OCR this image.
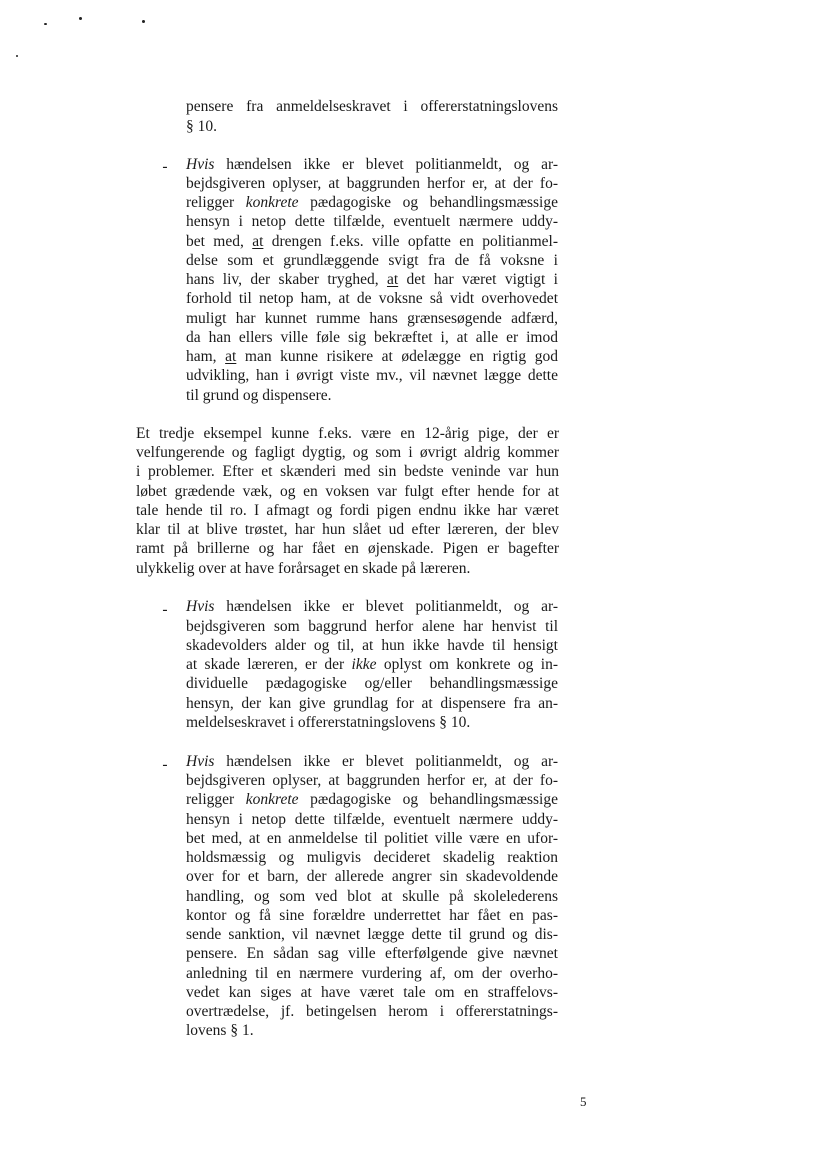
pensere fra anmeldelseskravet i offererstatningslovens
§ 10.
- Hvis hændelsen ikke er blevet politianmeldt, og ar-
bejdsgiveren oplyser, at baggrunden herfor er, at der fo-
religger konkrete pædagogiske og behandlingsmæssige
hensyn i netop dette tilfælde, eventuelt nærmere uddy-
bet med, at drengen f.eks. ville opfatte en politianmel-
delse som et grundlæggende svigt fra de få voksne i
hans liv, der skaber tryghed, at det har været vigtigt i
forhold til netop ham, at de voksne så vidt overhovedet
muligt har kunnet rumme hans grænsesøgende adfærd,
da han ellers ville føle sig bekræftet i, at alle er imod
ham, at man kunne risikere at ødelægge en rigtig god
udvikling, han i øvrigt viste mv., vil nævnet lægge dette
til grund og dispensere.
Et tredje eksempel kunne f.eks. være en 12-årig pige, der er
velfungerende og fagligt dygtig, og som i øvrigt aldrig kommer
i problemer. Efter et skænderi med sin bedste veninde var hun
løbet grædende væk, og en voksen var fulgt efter hende for at
tale hende til ro. I afmagt og fordi pigen endnu ikke har været
klar til at blive trøstet, har hun slået ud efter læreren, der blev
ramt på brillerne og har fået en øjenskade. Pigen er bagefter
ulykkelig over at have forårsaget en skade på læreren.
- Hvis hændelsen ikke er blevet politianmeldt, og ar-
bejdsgiveren som baggrund herfor alene har henvist til
skadevolders alder og til, at hun ikke havde til hensigt
at skade læreren, er der ikke oplyst om konkrete og in-
dividuelle pædagogiske og/eller behandlingsmæssige
hensyn, der kan give grundlag for at dispensere fra an-
meldelseskravet i offererstatningslovens § 10.
- Hvis hændelsen ikke er blevet politianmeldt, og ar-
bejdsgiveren oplyser, at baggrunden herfor er, at der fo-
religger konkrete pædagogiske og behandlingsmæssige
hensyn i netop dette tilfælde, eventuelt nærmere uddy-
bet med, at en anmeldelse til politiet ville være en ufor-
holdsmæssig og muligvis decideret skadelig reaktion
over for et barn, der allerede angrer sin skadevoldende
handling, og som ved blot at skulle på skolelederens
kontor og få sine forældre underrettet har fået en pas-
sende sanktion, vil nævnet lægge dette til grund og dis-
pensere. En sådan sag ville efterfølgende give nævnet
anledning til en nærmere vurdering af, om der overho-
vedet kan siges at have været tale om en straffelovs-
overtrædelse, jf. betingelsen herom i offererstatnings-
lovens § 1.
5
